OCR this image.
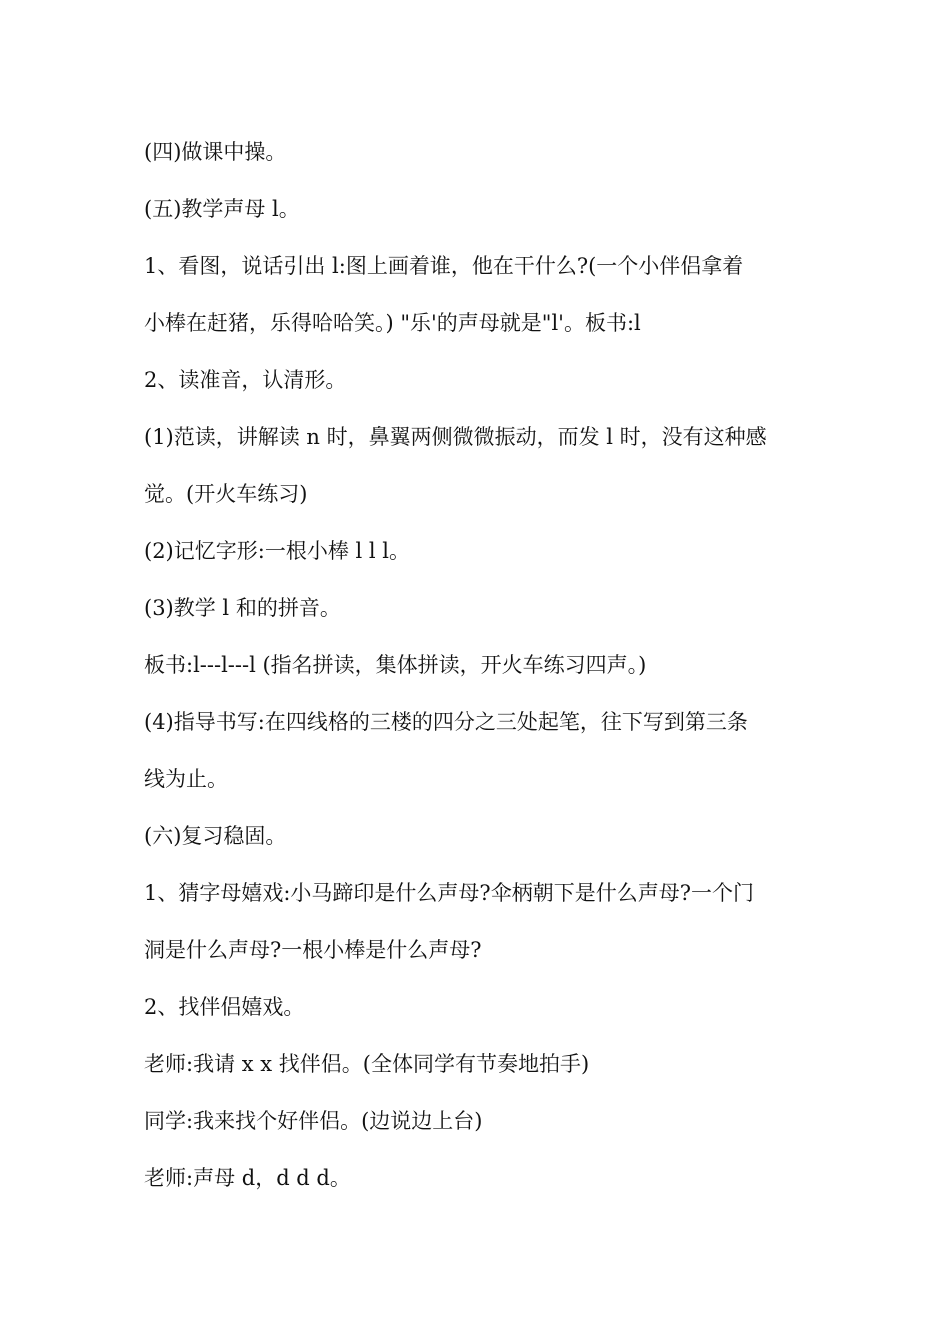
(四)做课中操。
(五)教学声母 l。
1、看图，说话引出 l:图上画着谁，他在干什么?(一个小伴侣拿着
小棒在赶猪，乐得哈哈笑。) "乐'的声母就是"l'。板书:l
2、读准音，认清形。
(1)范读，讲解读 n 时，鼻翼两侧微微振动，而发 l 时，没有这种感
觉。(开火车练习)
(2)记忆字形:一根小棒 l l l。
(3)教学 l 和的拼音。
板书:l---l---l (指名拼读，集体拼读，开火车练习四声。)
(4)指导书写:在四线格的三楼的四分之三处起笔，往下写到第三条
线为止。
(六)复习稳固。
1、猜字母嬉戏:小马蹄印是什么声母?伞柄朝下是什么声母?一个门
洞是什么声母?一根小棒是什么声母?
2、找伴侣嬉戏。
老师:我请 x x 找伴侣。(全体同学有节奏地拍手)
同学:我来找个好伴侣。(边说边上台)
老师:声母 d，d d d。
